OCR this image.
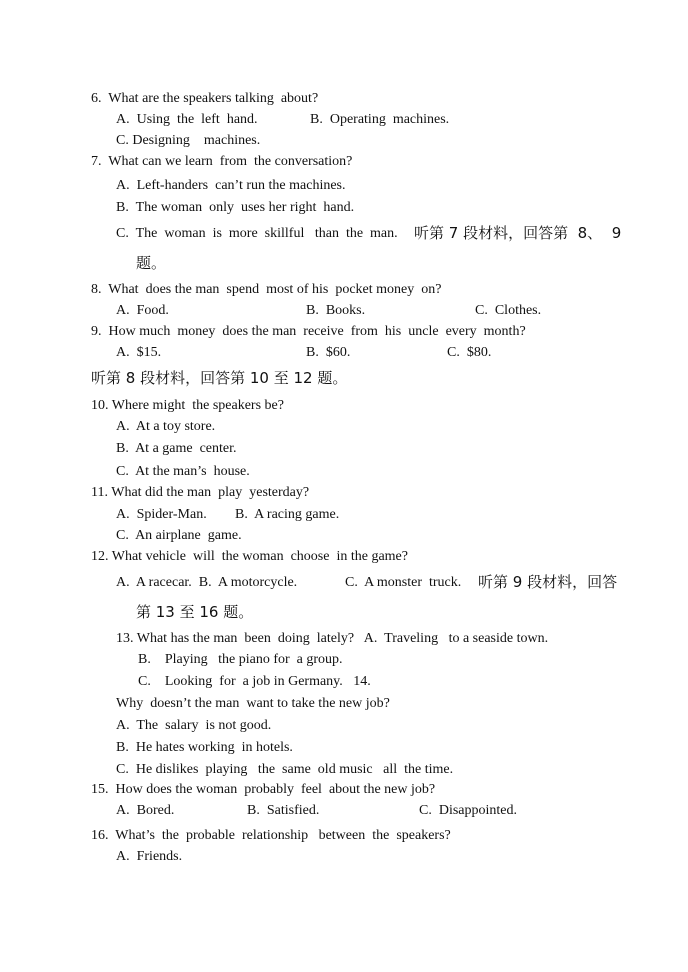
6.  What are the speakers talking  about?
A.  Using  the  left  hand.	B.  Operating  machines.
C. Designing    machines.
7.  What can we learn  from  the conversation?
A.  Left-handers  can’t run the machines.
B.  The woman  only  uses her right  hand.
C.  The  woman  is  more  skillful   than  the  man. 听第 7 段材料，回答第  8、  9
题。
8.  What  does the man  spend  most of his  pocket money  on?
A.  Food.	B.  Books.	C.  Clothes.
9.  How much  money  does the man  receive  from  his  uncle  every  month?
A.  $15.	B.  $60.	C.  $80.
听第 8 段材料，回答第 10 至 12 题。
10. Where might  the speakers be?
A.  At a toy store.
B.  At a game  center.
C.  At the man’s  house.
11. What did the man  play  yesterday?
A.  Spider-Man. B.  A racing game.
C.  An airplane  game.
12. What vehicle  will  the woman  choose  in the game?
A.  A racecar.  B.  A motorcycle.	C.  A monster  truck. 听第 9 段材料，回答
第 13 至 16 题。
13. What has the man  been  doing  lately?   A.  Traveling   to a seaside town.
B.    Playing   the piano for  a group.
C.    Looking  for  a job in Germany.   14.
Why  doesn’t the man  want to take the new job?
A.  The  salary  is not good.
B.  He hates working  in hotels.
C.  He dislikes  playing   the  same  old music   all  the time.
15.  How does the woman  probably  feel  about the new job?
A.  Bored.	B.  Satisfied.	C.  Disappointed.
16.  What’s  the  probable  relationship   between  the  speakers?
A.  Friends.
